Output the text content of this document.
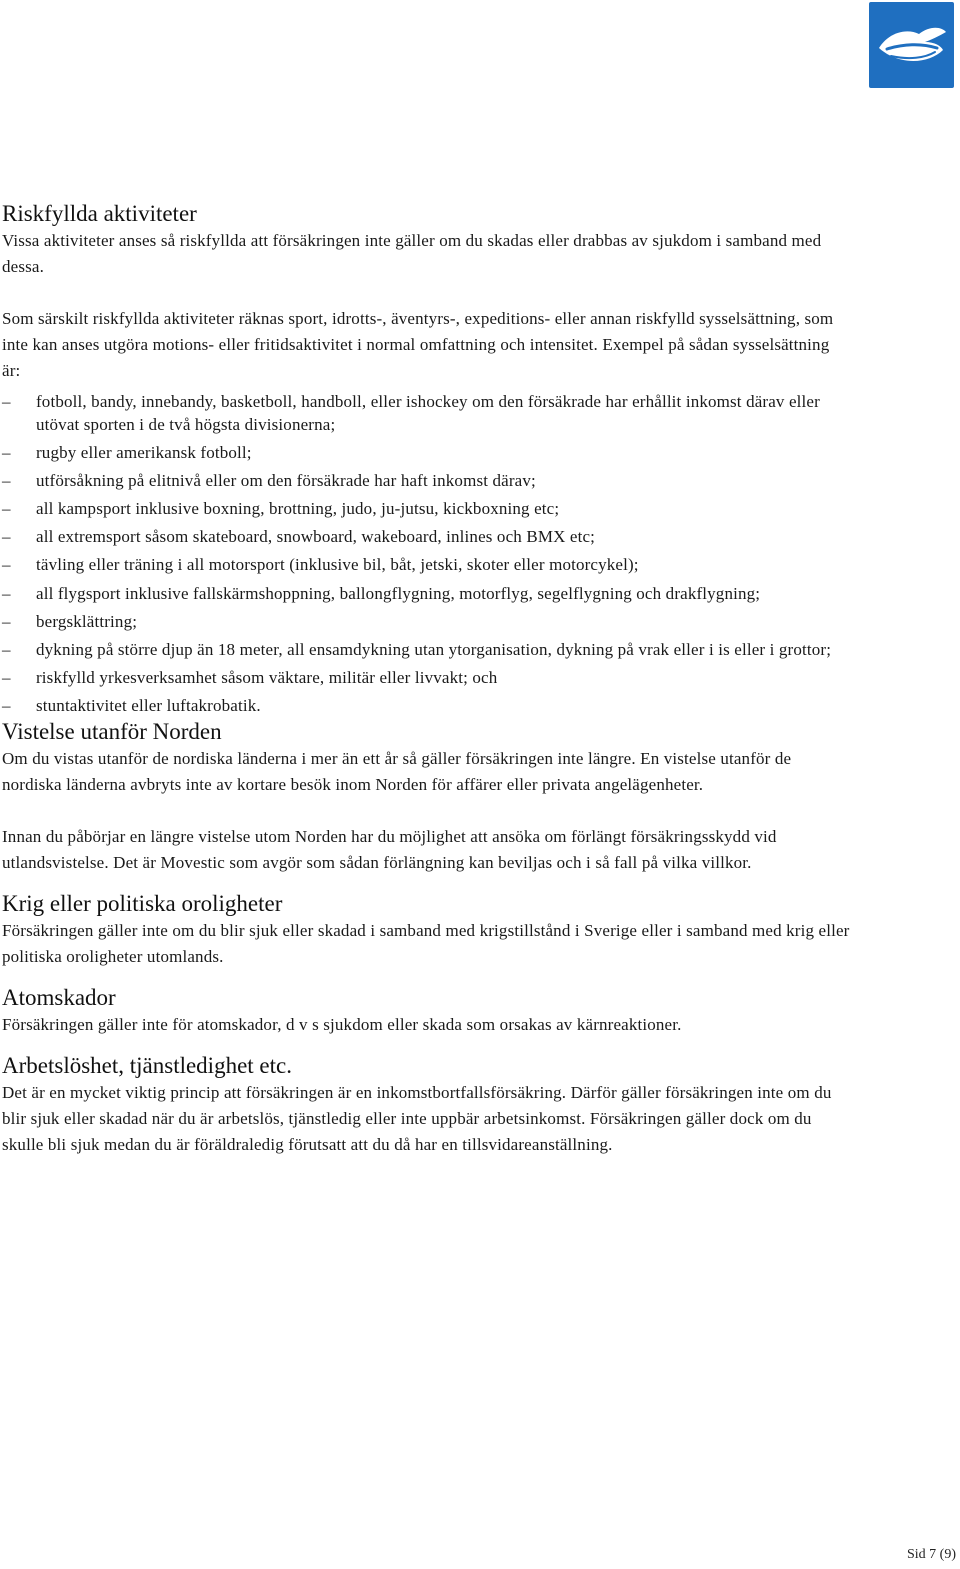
Riskfyllda aktiviteter

Vissa aktiviteter anses så riskfyllda att försäkringen inte gäller om du skadas eller drabbas av sjukdom i samband med dessa.

Som särskilt riskfyllda aktiviteter räknas sport, idrotts-, äventyrs-, expeditions- eller annan riskfylld sysselsättning, som inte kan anses utgöra motions- eller fritidsaktivitet i normal omfattning och intensitet. Exempel på sådan sysselsättning är:

– fotboll, bandy, innebandy, basketboll, handboll, eller ishockey om den försäkrade har erhållit inkomst därav eller utövat sporten i de två högsta divisionerna;
– rugby eller amerikansk fotboll;
– utförsåkning på elitnivå eller om den försäkrade har haft inkomst därav;
– all kampsport inklusive boxning, brottning, judo, ju-jutsu, kickboxning etc;
– all extremsport såsom skateboard, snowboard, wakeboard, inlines och BMX etc;
– tävling eller träning i all motorsport (inklusive bil, båt, jetski, skoter eller motorcykel);
– all flygsport inklusive fallskärmshoppning, ballongflygning, motorflyg, segelflygning och drakflygning;
– bergsklättring;
– dykning på större djup än 18 meter, all ensamdykning utan ytorganisation, dykning på vrak eller i is eller i grottor;
– riskfylld yrkesverksamhet såsom väktare, militär eller livvakt; och
– stuntaktivitet eller luftakrobatik.
Vistelse utanför Norden

Om du vistas utanför de nordiska länderna i mer än ett år så gäller försäkringen inte längre. En vistelse utanför de nordiska länderna avbryts inte av kortare besök inom Norden för affärer eller privata angelägenheter.

Innan du påbörjar en längre vistelse utom Norden har du möjlighet att ansöka om förlängt försäkringsskydd vid utlandsvistelse. Det är Movestic som avgör som sådan förlängning kan beviljas och i så fall på vilka villkor.

Krig eller politiska oroligheter

Försäkringen gäller inte om du blir sjuk eller skadad i samband med krigstillstånd i Sverige eller i samband med krig eller politiska oroligheter utomlands.

Atomskador

Försäkringen gäller inte för atomskador, d v s sjukdom eller skada som orsakas av kärnreaktioner.

Arbetslöshet, tjänstledighet etc.

Det är en mycket viktig princip att försäkringen är en inkomstbortfallsförsäkring. Därför gäller försäkringen inte om du blir sjuk eller skadad när du är arbetslös, tjänstledig eller inte uppbär arbetsinkomst. Försäkringen gäller dock om du skulle bli sjuk medan du är föräldraledig förutsatt att du då har en tillsvidareanställning.

Sid 7 (9)
